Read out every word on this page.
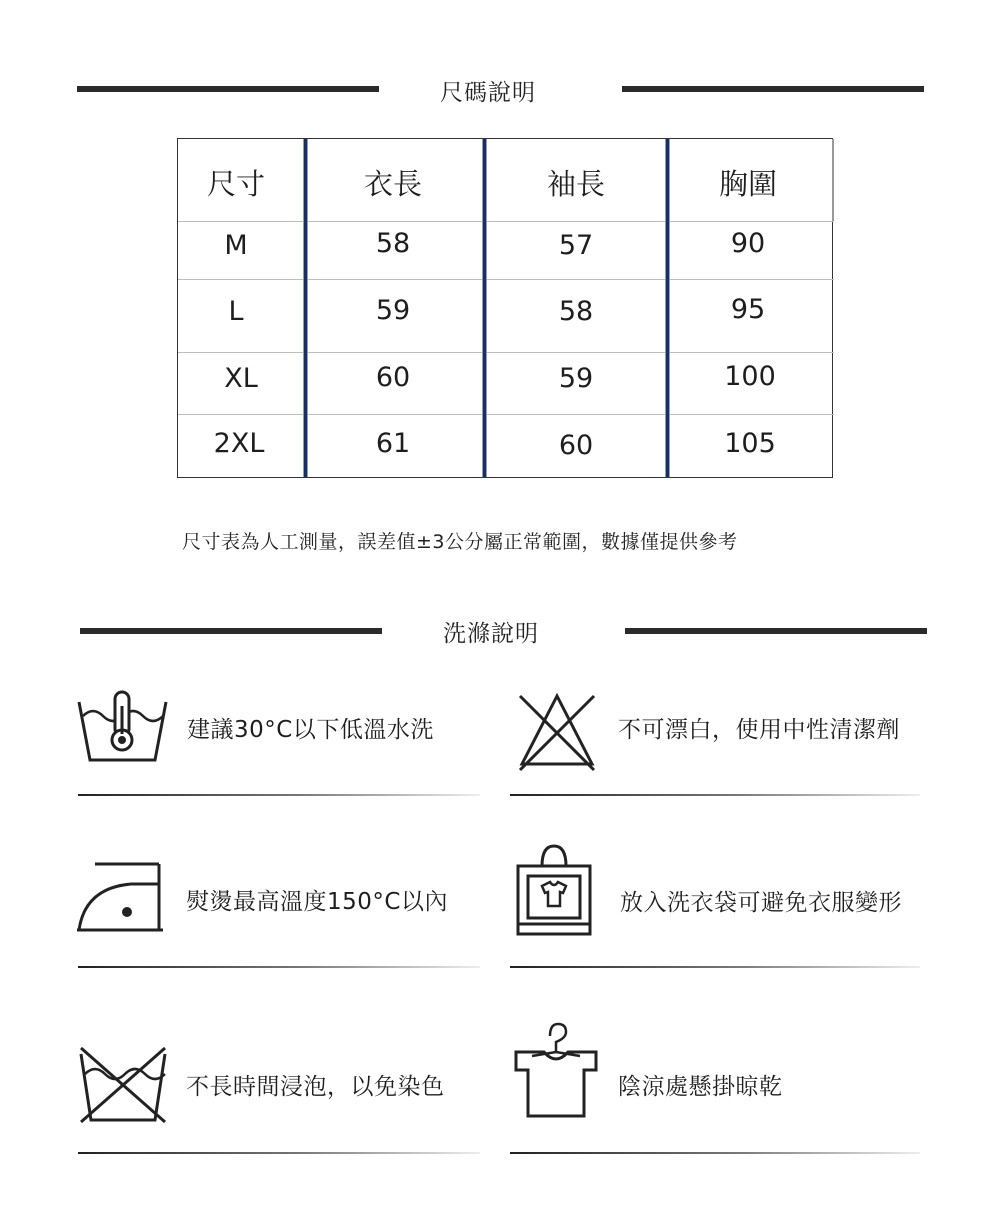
尺碼說明
尺寸	衣長	袖長	胸圍
M	58	57	90
L	59	58	95
XL	60	59	100
2XL	61	60	105
尺寸表為人工測量，誤差值±3公分屬正常範圍，數據僅提供參考
洗滌說明
建議30°C以下低溫水洗	不可漂白，使用中性清潔劑
熨燙最高溫度150°C以內	放入洗衣袋可避免衣服變形
不長時間浸泡，以免染色	陰涼處懸掛晾乾
